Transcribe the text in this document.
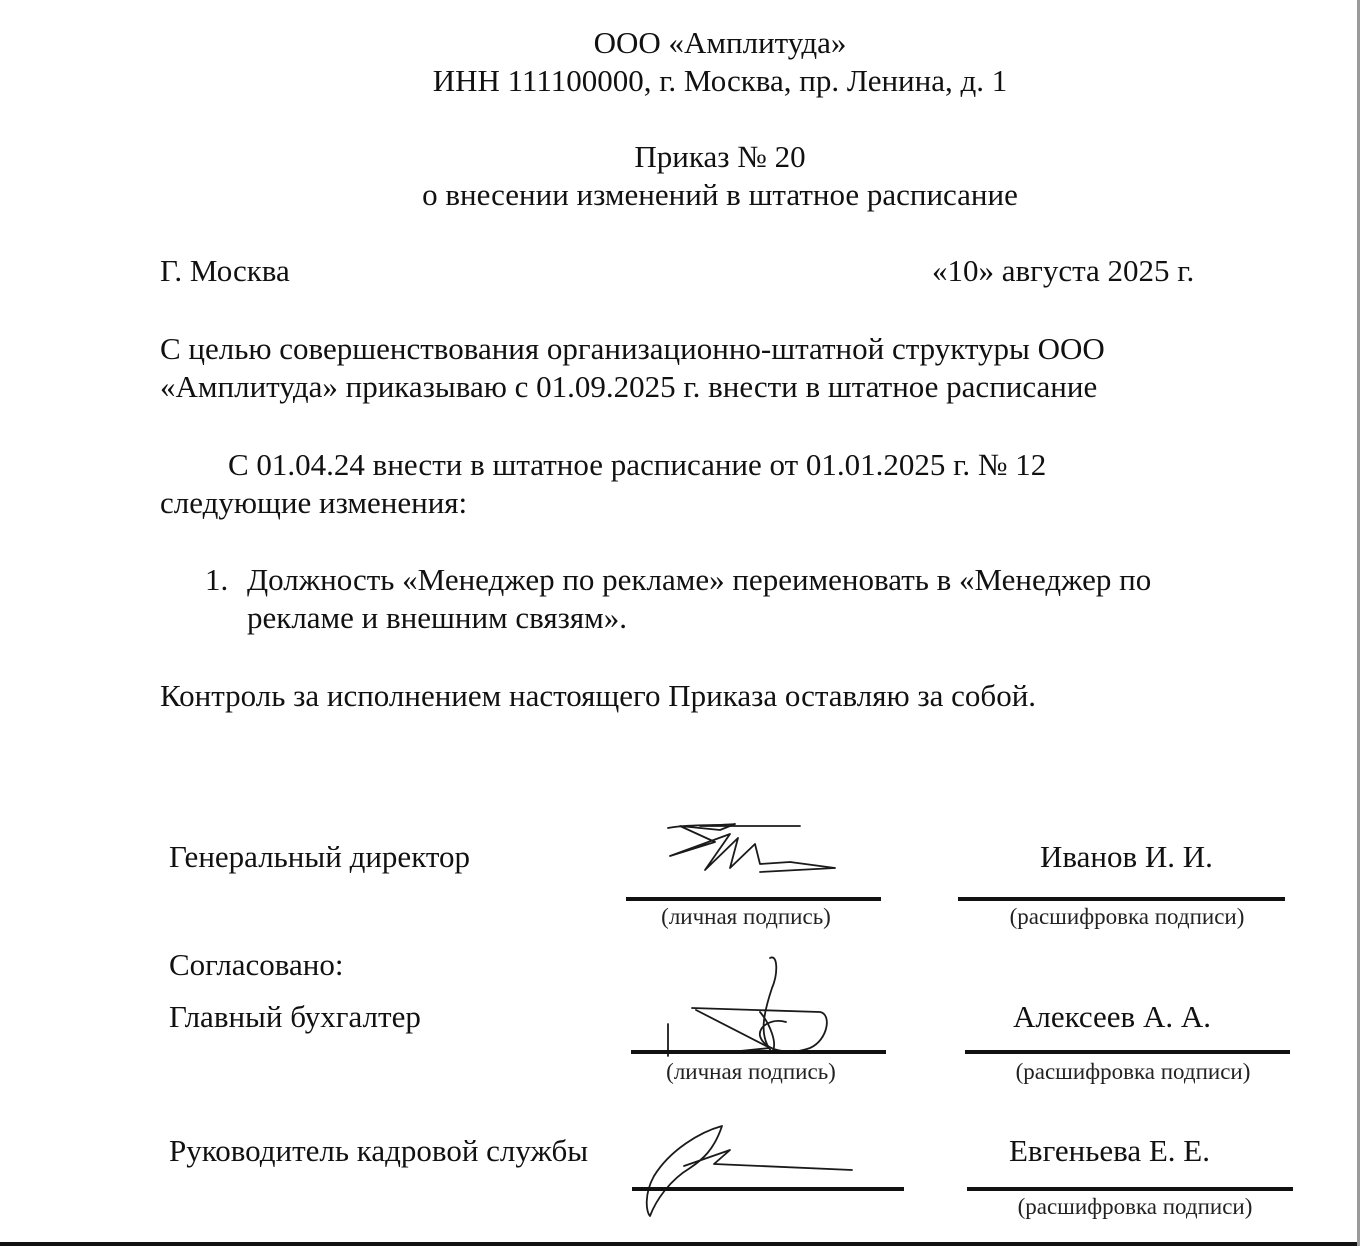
ООО «Амплитуда»
ИНН 111100000, г. Москва, пр. Ленина, д. 1
Приказ № 20
о внесении изменений в штатное расписание
Г. Москва	«10» августа 2025 г.
С целью совершенствования организационно-штатной структуры ООО
«Амплитуда» приказываю с 01.09.2025 г. внести в штатное расписание
С 01.04.24 внести в штатное расписание от 01.01.2025 г. № 12
следующие изменения:
1. Должность «Менеджер по рекламе» переименовать в «Менеджер по
рекламе и внешним связям».
Контроль за исполнением настоящего Приказа оставляю за собой.
Генеральный директор	Иванов И. И.
(личная подпись)	(расшифровка подписи)
Согласовано:
Главный бухгалтер	Алексеев А. А.
(личная подпись)	(расшифровка подписи)
Руководитель кадровой службы	Евгеньева Е. Е.
(расшифровка подписи)
